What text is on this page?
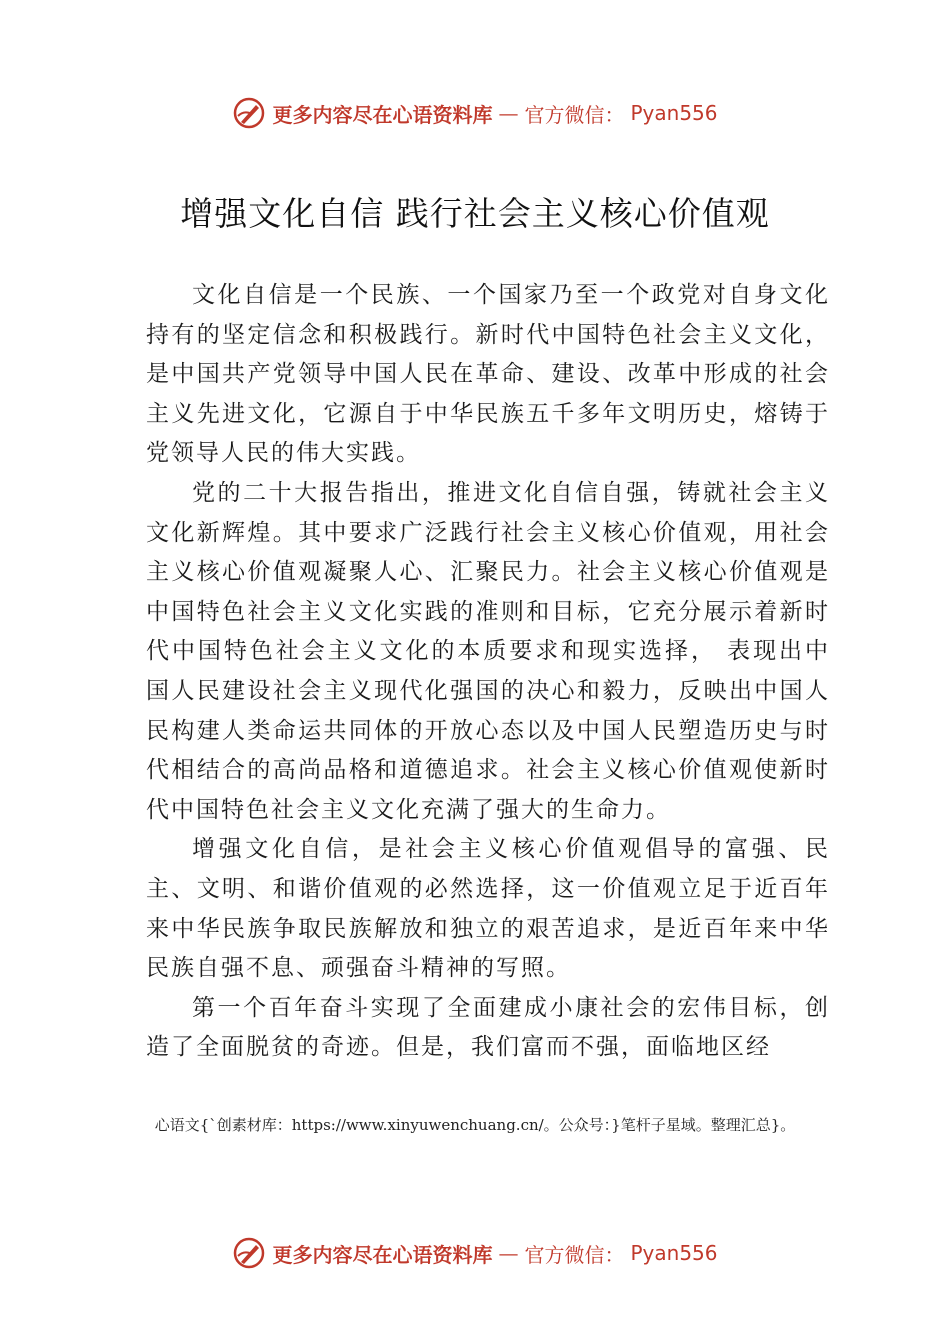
更多内容尽在心语资料库 — 官方微信： Pyan556
增强文化自信 践行社会主义核心价值观

文化自信是一个民族、一个国家乃至一个政党对自身文化持有的坚定信念和积极践行。新时代中国特色社会主义文化，是中国共产党领导中国人民在革命、建设、改革中形成的社会主义先进文化，它源自于中华民族五千多年文明历史，熔铸于党领导人民的伟大实践。

党的二十大报告指出，推进文化自信自强，铸就社会主义文化新辉煌。其中要求广泛践行社会主义核心价值观，用社会主义核心价值观凝聚人心、汇聚民力。社会主义核心价值观是中国特色社会主义文化实践的准则和目标，它充分展示着新时代中国特色社会主义文化的本质要求和现实选择， 表现出中国人民建设社会主义现代化强国的决心和毅力，反映出中国人民构建人类命运共同体的开放心态以及中国人民塑造历史与时代相结合的高尚品格和道德追求。社会主义核心价值观使新时代中国特色社会主义文化充满了强大的生命力。

增强文化自信，是社会主义核心价值观倡导的富强、民主、文明、和谐价值观的必然选择，这一价值观立足于近百年来中华民族争取民族解放和独立的艰苦追求，是近百年来中华民族自强不息、顽强奋斗精神的写照。

第一个百年奋斗实现了全面建成小康社会的宏伟目标，创造了全面脱贫的奇迹。但是，我们富而不强，面临地区经

心语文{`创素材库：https://www.xinyuwenchuang.cn/。公众号：}笔杆子星域。整理汇总}。
更多内容尽在心语资料库 — 官方微信： Pyan556
